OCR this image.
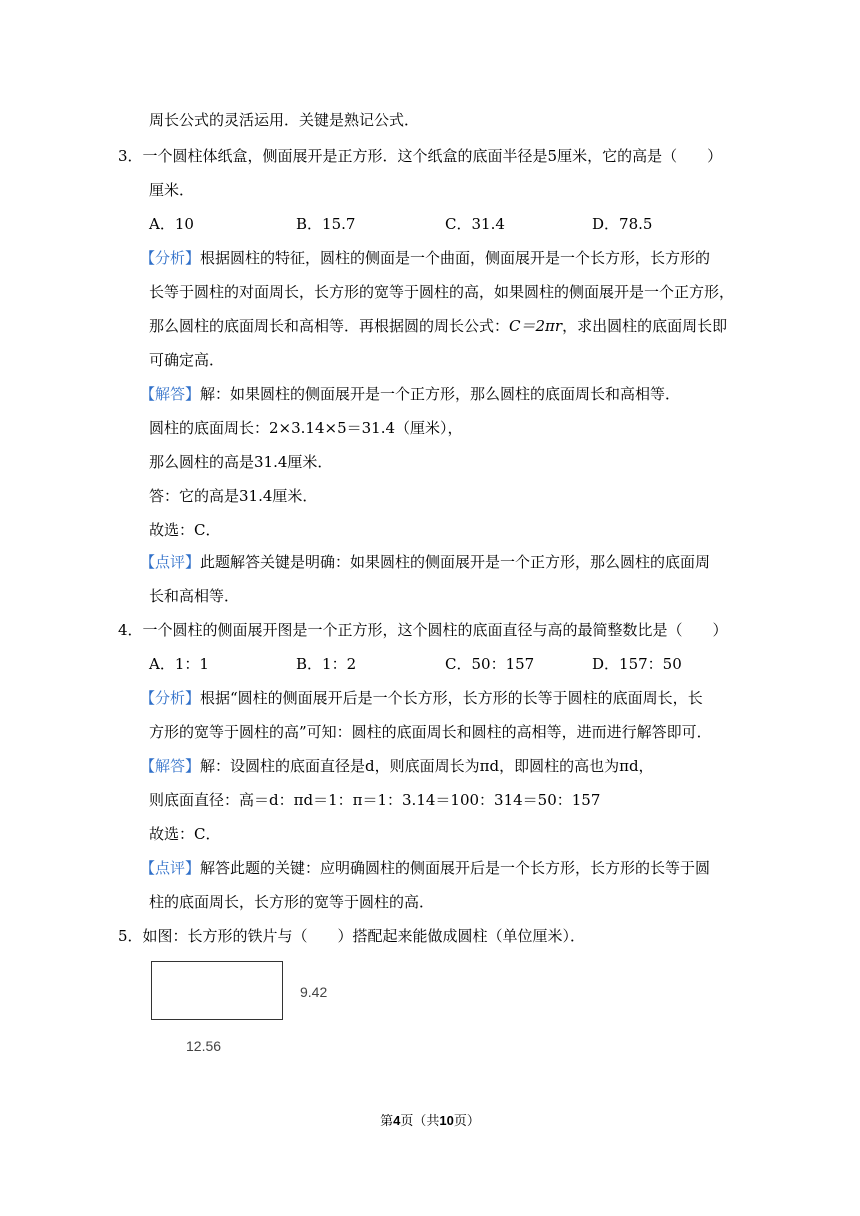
周长公式的灵活运用．关键是熟记公式．
3．一个圆柱体纸盒，侧面展开是正方形．这个纸盒的底面半径是5厘米，它的高是（　　）
厘米．
A．10	B．15.7	C．31.4	D．78.5
【分析】根据圆柱的特征，圆柱的侧面是一个曲面，侧面展开是一个长方形，长方形的
长等于圆柱的对面周长，长方形的宽等于圆柱的高，如果圆柱的侧面展开是一个正方形，
那么圆柱的底面周长和高相等．再根据圆的周长公式：C＝2πr，求出圆柱的底面周长即
可确定高．
【解答】解：如果圆柱的侧面展开是一个正方形，那么圆柱的底面周长和高相等．
圆柱的底面周长：2×3.14×5＝31.4（厘米），
那么圆柱的高是31.4厘米．
答：它的高是31.4厘米．
故选：C．
【点评】此题解答关键是明确：如果圆柱的侧面展开是一个正方形，那么圆柱的底面周
长和高相等．
4．一个圆柱的侧面展开图是一个正方形，这个圆柱的底面直径与高的最简整数比是（　　）
A．1：1	B．1：2	C．50：157	D．157：50
【分析】根据“圆柱的侧面展开后是一个长方形，长方形的长等于圆柱的底面周长，长
方形的宽等于圆柱的高”可知：圆柱的底面周长和圆柱的高相等，进而进行解答即可．
【解答】解：设圆柱的底面直径是d，则底面周长为πd，即圆柱的高也为πd，
则底面直径：高＝d：πd＝1：π＝1：3.14＝100：314＝50：157
故选：C．
【点评】解答此题的关键：应明确圆柱的侧面展开后是一个长方形，长方形的长等于圆
柱的底面周长，长方形的宽等于圆柱的高．
5．如图：长方形的铁片与（　　）搭配起来能做成圆柱（单位厘米）．
9.42
12.56
第4页（共10页）
